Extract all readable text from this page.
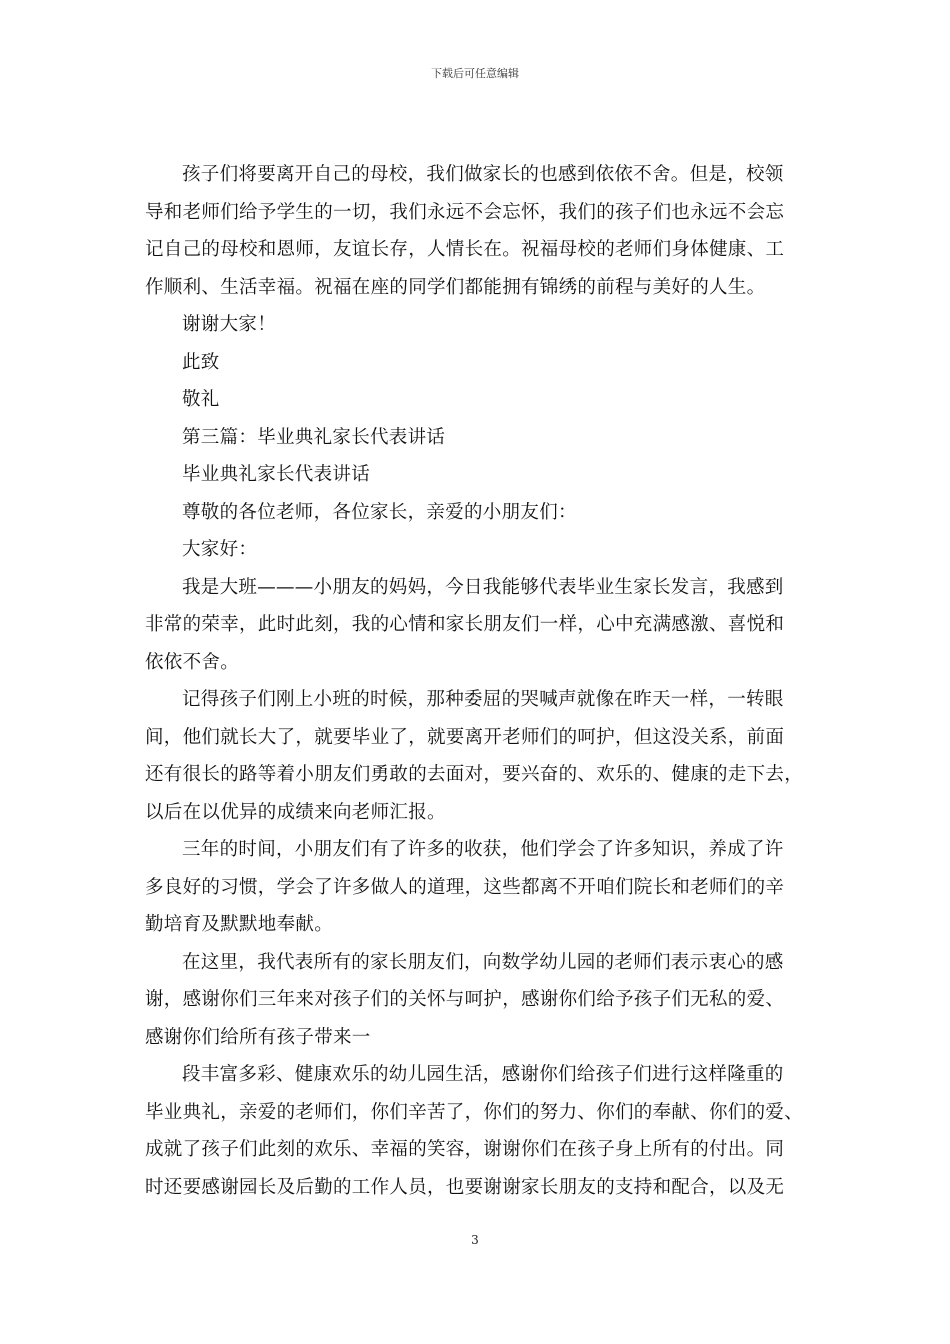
下载后可任意编辑

孩子们将要离开自己的母校，我们做家长的也感到依依不舍。但是，校领
导和老师们给予学生的一切，我们永远不会忘怀，我们的孩子们也永远不会忘
记自己的母校和恩师，友谊长存，人情长在。祝福母校的老师们身体健康、工
作顺利、生活幸福。祝福在座的同学们都能拥有锦绣的前程与美好的人生。

谢谢大家！

此致

敬礼

第三篇：毕业典礼家长代表讲话

毕业典礼家长代表讲话

尊敬的各位老师，各位家长，亲爱的小朋友们：

大家好：

我是大班———小朋友的妈妈，今日我能够代表毕业生家长发言，我感到
非常的荣幸，此时此刻，我的心情和家长朋友们一样，心中充满感激、喜悦和
依依不舍。

记得孩子们刚上小班的时候，那种委屈的哭喊声就像在昨天一样，一转眼
间，他们就长大了，就要毕业了，就要离开老师们的呵护，但这没关系，前面
还有很长的路等着小朋友们勇敢的去面对，要兴奋的、欢乐的、健康的走下去，
以后在以优异的成绩来向老师汇报。

三年的时间，小朋友们有了许多的收获，他们学会了许多知识，养成了许
多良好的习惯，学会了许多做人的道理，这些都离不开咱们院长和老师们的辛
勤培育及默默地奉献。

在这里，我代表所有的家长朋友们，向数学幼儿园的老师们表示衷心的感
谢，感谢你们三年来对孩子们的关怀与呵护，感谢你们给予孩子们无私的爱、
感谢你们给所有孩子带来一

段丰富多彩、健康欢乐的幼儿园生活，感谢你们给孩子们进行这样隆重的
毕业典礼，亲爱的老师们，你们辛苦了，你们的努力、你们的奉献、你们的爱、
成就了孩子们此刻的欢乐、幸福的笑容，谢谢你们在孩子身上所有的付出。同
时还要感谢园长及后勤的工作人员，也要谢谢家长朋友的支持和配合，以及无

3
